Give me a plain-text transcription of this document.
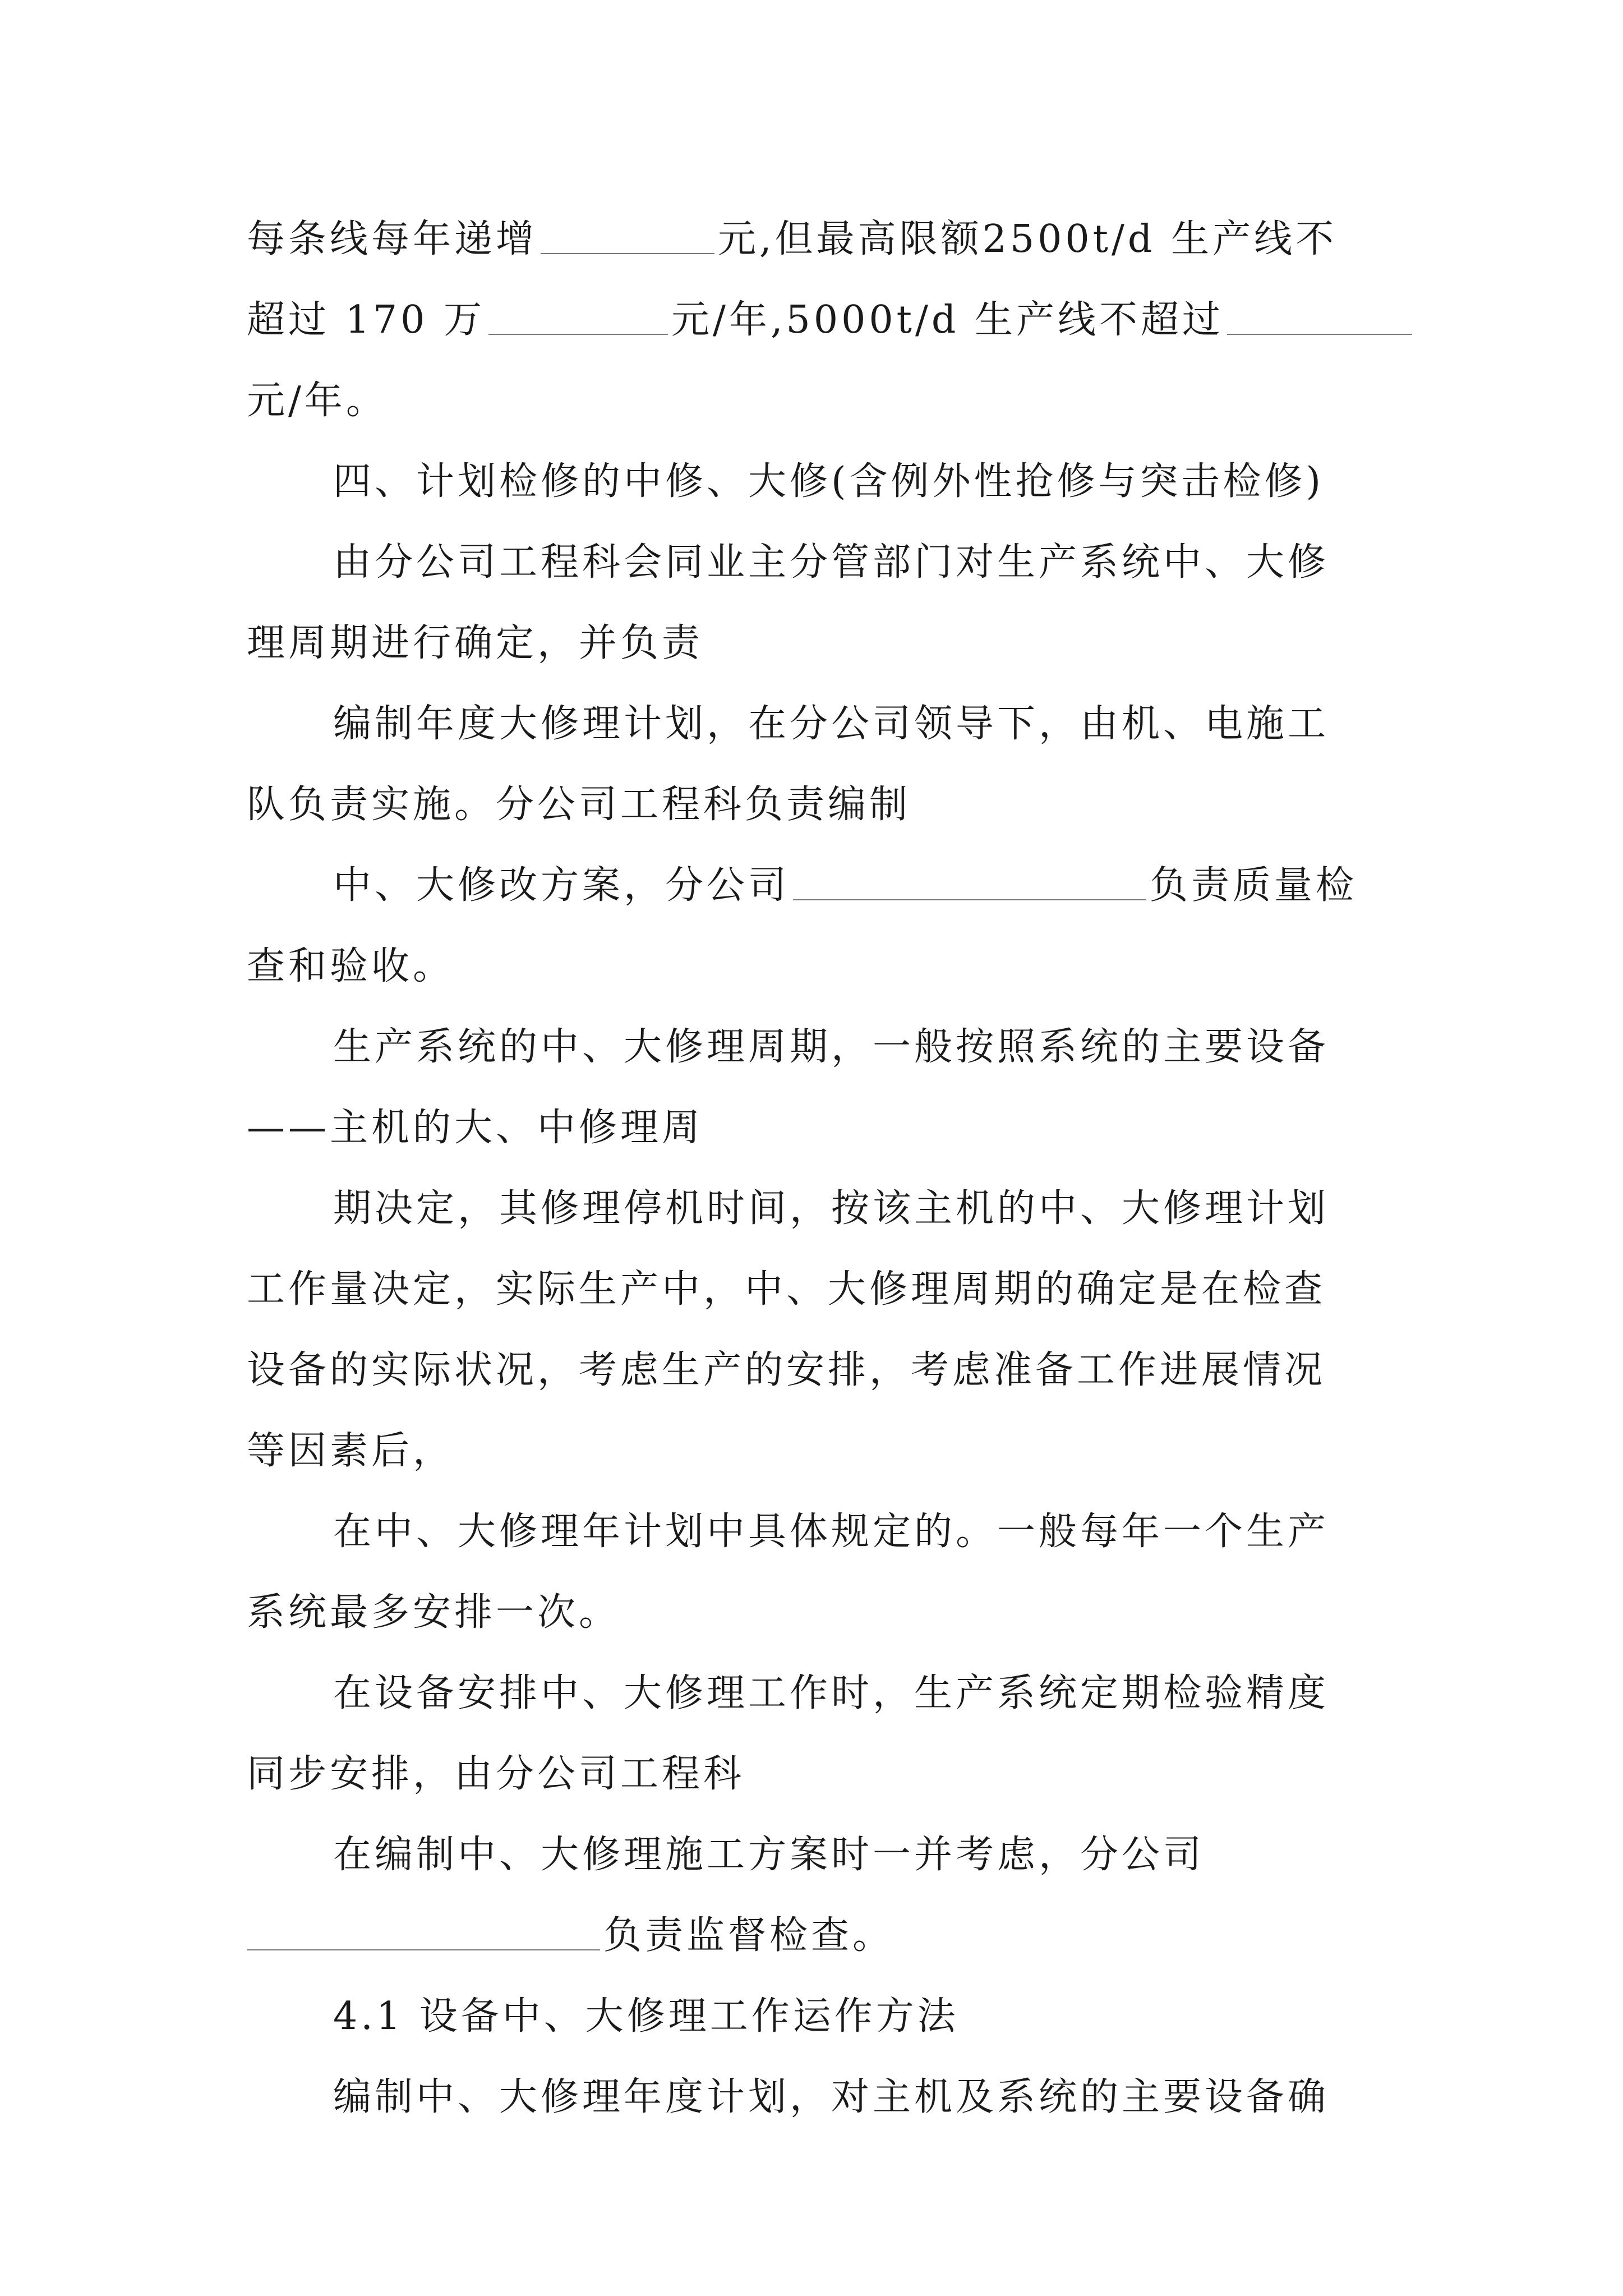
每条线每年递增	元,但最高限额2500t/d 生产线不
超过 170 万	元/年,5000t/d 生产线不超过
元/年。
四、计划检修的中修、大修(含例外性抢修与突击检修)
由分公司工程科会同业主分管部门对生产系统中、大修
理周期进行确定，并负责
编制年度大修理计划，在分公司领导下，由机、电施工
队负责实施。分公司工程科负责编制
中、大修改方案，分公司	负责质量检
查和验收。
生产系统的中、大修理周期，一般按照系统的主要设备
——主机的大、中修理周
期决定，其修理停机时间，按该主机的中、大修理计划
工作量决定，实际生产中，中、大修理周期的确定是在检查
设备的实际状况，考虑生产的安排，考虑准备工作进展情况
等因素后，
在中、大修理年计划中具体规定的。一般每年一个生产
系统最多安排一次。
在设备安排中、大修理工作时，生产系统定期检验精度
同步安排，由分公司工程科
在编制中、大修理施工方案时一并考虑，分公司
负责监督检查。
4.1 设备中、大修理工作运作方法
编制中、大修理年度计划，对主机及系统的主要设备确
